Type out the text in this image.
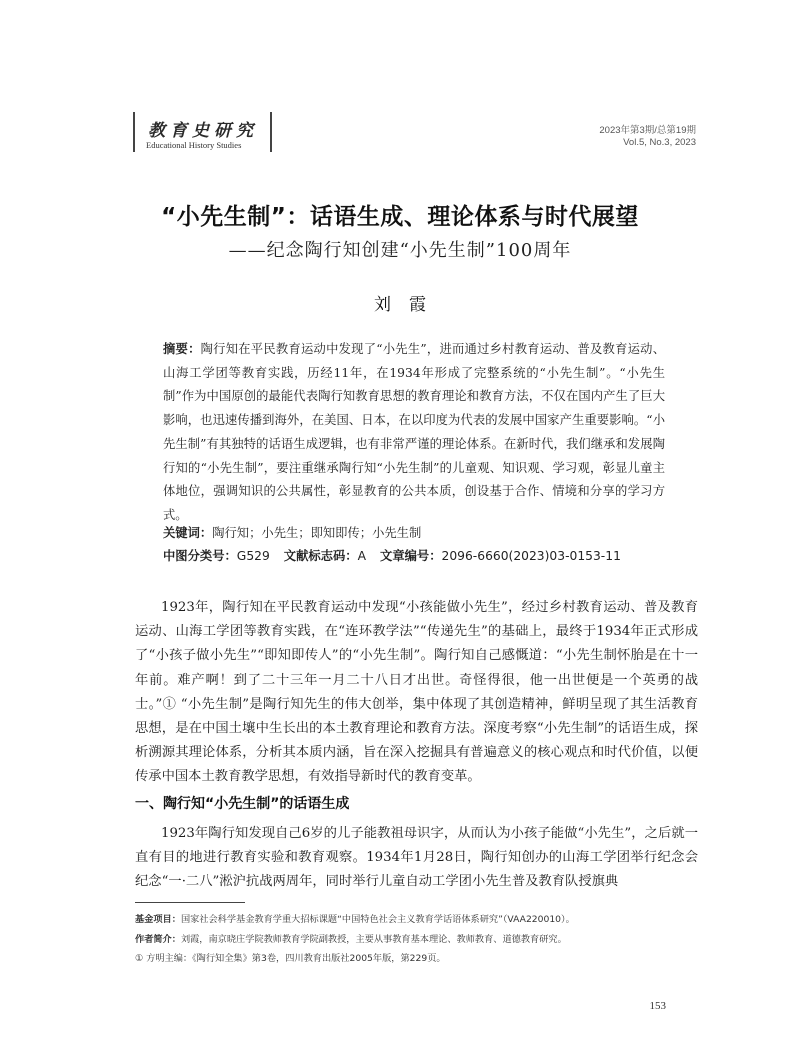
教育史研究
Educational History Studies
2023年第3期/总第19期
Vol.5, No.3, 2023
“小先生制”：话语生成、理论体系与时代展望
——纪念陶行知创建“小先生制”100周年
刘霞
摘要：陶行知在平民教育运动中发现了“小先生”，进而通过乡村教育运动、普及教育运动、山海工学团等教育实践，历经11年，在1934年形成了完整系统的“小先生制”。“小先生制”作为中国原创的最能代表陶行知教育思想的教育理论和教育方法，不仅在国内产生了巨大影响，也迅速传播到海外，在美国、日本，在以印度为代表的发展中国家产生重要影响。“小先生制”有其独特的话语生成逻辑，也有非常严谨的理论体系。在新时代，我们继承和发展陶行知的“小先生制”，要注重继承陶行知“小先生制”的儿童观、知识观、学习观，彰显儿童主体地位，强调知识的公共属性，彰显教育的公共本质，创设基于合作、情境和分享的学习方式。
关键词：陶行知；小先生；即知即传；小先生制
中图分类号：G529 文献标志码：A 文章编号：2096-6660(2023)03-0153-11
1923年，陶行知在平民教育运动中发现“小孩能做小先生”，经过乡村教育运动、普及教育运动、山海工学团等教育实践，在“连环教学法”“传递先生”的基础上，最终于1934年正式形成了“小孩子做小先生”“即知即传人”的“小先生制”。陶行知自己感慨道：“小先生制怀胎是在十一年前。难产啊！到了二十三年一月二十八日才出世。奇怪得很，他一出世便是一个英勇的战士。”① “小先生制”是陶行知先生的伟大创举，集中体现了其创造精神，鲜明呈现了其生活教育思想，是在中国土壤中生长出的本土教育理论和教育方法。深度考察“小先生制”的话语生成，探析溯源其理论体系，分析其本质内涵，旨在深入挖掘具有普遍意义的核心观点和时代价值，以便传承中国本土教育教学思想，有效指导新时代的教育变革。
一、陶行知“小先生制”的话语生成
1923年陶行知发现自己6岁的儿子能教祖母识字，从而认为小孩子能做“小先生”，之后就一直有目的地进行教育实验和教育观察。1934年1月28日，陶行知创办的山海工学团举行纪念会纪念“一·二八”淞沪抗战两周年，同时举行儿童自动工学团小先生普及教育队授旗典
基金项目：国家社会科学基金教育学重大招标课题“中国特色社会主义教育学话语体系研究”（VAA220010）。
作者简介：刘霞，南京晓庄学院教师教育学院副教授，主要从事教育基本理论、教师教育、道德教育研究。
① 方明主编：《陶行知全集》第3卷，四川教育出版社2005年版，第229页。
153
